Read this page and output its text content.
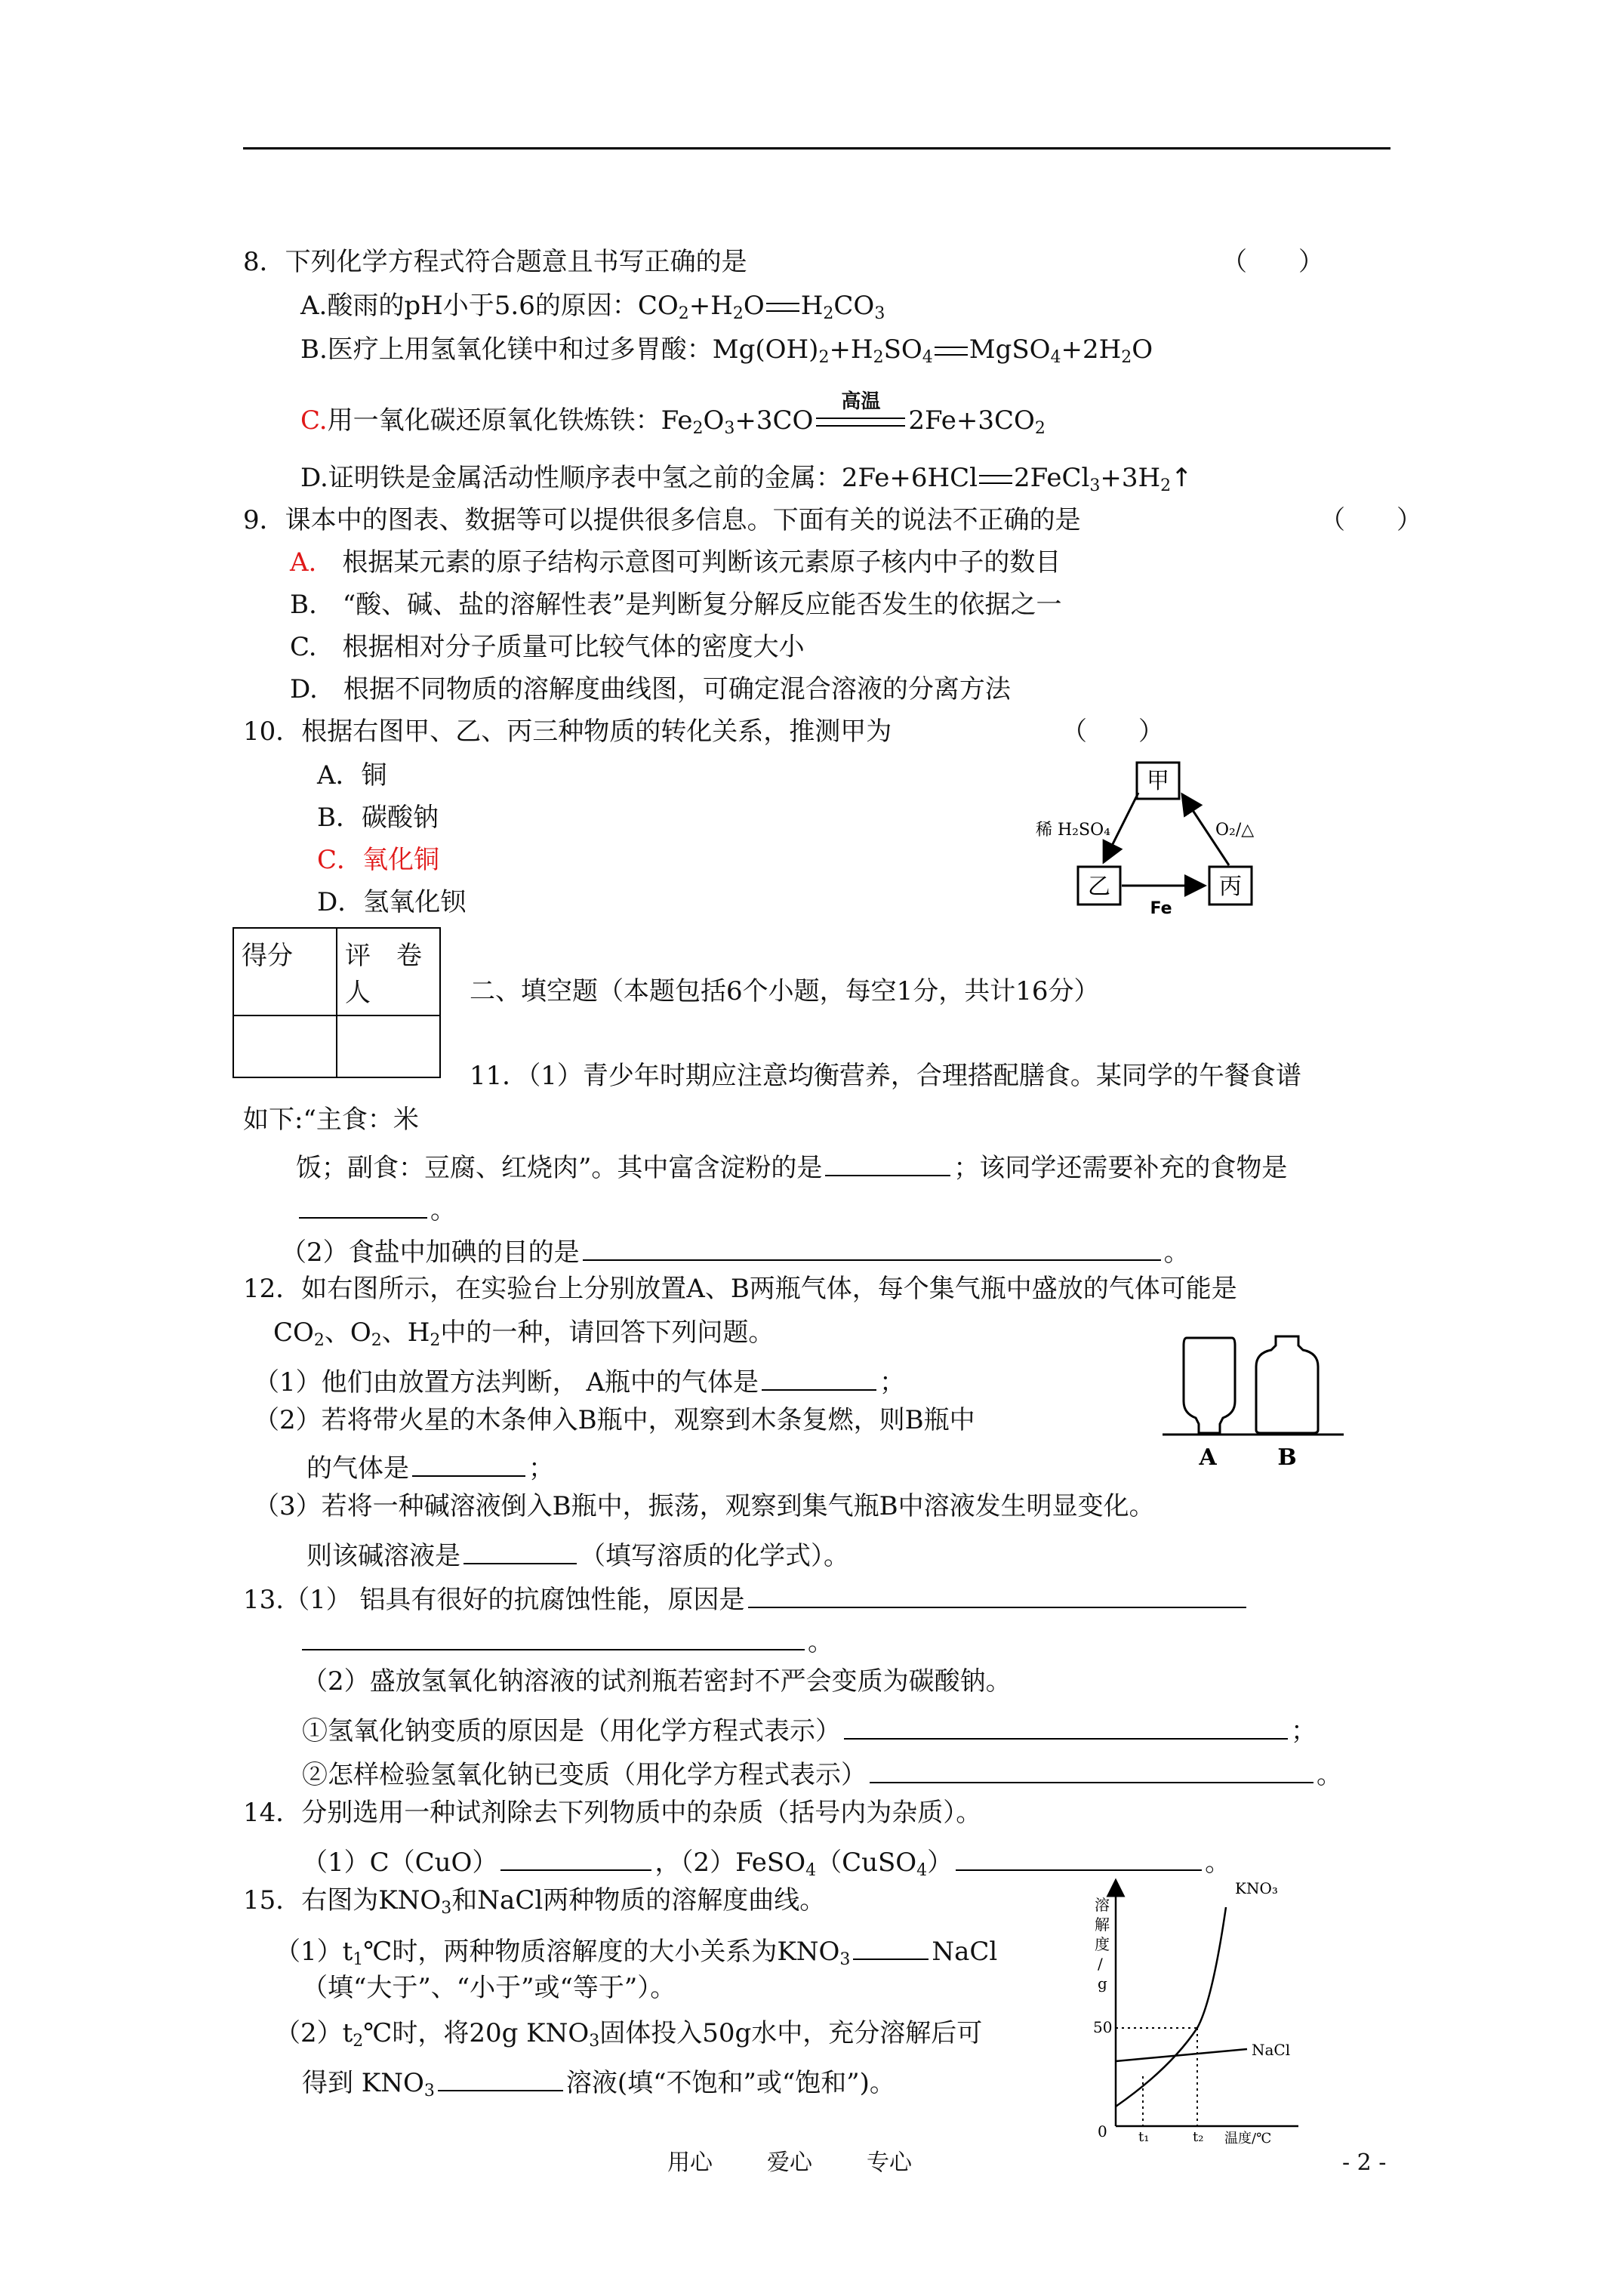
8．下列化学方程式符合题意且书写正确的是	（　　）
A.酸雨的pH小于5.6的原因：$CO_2+H_2O$ $H_2CO_3$
B.医疗上用氢氧化镁中和过多胃酸：$Mg(OH)_2+H_2SO_4$ $MgSO_4+2H_2O$
C.用一氧化碳还原氧化铁炼铁：$Fe_2O_3+3CO$
高温
$2Fe+3CO_2$
D.证明铁是金属活动性顺序表中氢之前的金属：2Fe+6HCl $2FeCl_3+3H_2↑$
9．课本中的图表、数据等可以提供很多信息。下面有关的说法不正确的是	（　　）
A.　 根据某元素的原子结构示意图可判断该元素原子核内中子的数目
B.　“酸、碱、盐的溶解性表”是判断复分解反应能否发生的依据之一
C.　根据相对分子质量可比较气体的密度大小
D.　根据不同物质的溶解度曲线图，可确定混合溶液的分离方法
10．根据右图甲、乙、丙三种物质的转化关系，推测甲为	（　　）
A．铜
B．碳酸钠
C．氧化铜
D．氢氧化钡
甲
乙	丙
稀 H₂SO₄	O₂/△
Fe
得分	评　卷
人
		二、填空题（本题包括6个小题，每空1分，共计16分）
11．（1）青少年时期应注意均衡营养，合理搭配膳食。某同学的午餐食谱
如下:“主食：米
饭；副食：豆腐、红烧肉”。其中富含淀粉的是	；该同学还需要补充的食物是
。
（2）食盐中加碘的目的是	。
12．如右图所示，在实验台上分别放置A、B两瓶气体，每个集气瓶中盛放的气体可能是
$CO_2$、$O_2$、$H_2$中的一种，请回答下列问题。
（1）他们由放置方法判断， A瓶中的气体是	；
（2）若将带火星的木条伸入B瓶中，观察到木条复燃，则B瓶中
的气体是	；
（3）若将一种碱溶液倒入B瓶中，振荡，观察到集气瓶B中溶液发生明显变化。
则该碱溶液是	（填写溶质的化学式）。
A	B
13.（1） 铝具有很好的抗腐蚀性能，原因是
。
（2）盛放氢氧化钠溶液的试剂瓶若密封不严会变质为碳酸钠。
①氢氧化钠变质的原因是（用化学方程式表示）	；
②怎样检验氢氧化钠已变质（用化学方程式表示）	。
14．分别选用一种试剂除去下列物质中的杂质（括号内为杂质）。
（1）C（CuO）	，（2）FeSO$_4$（CuSO$_4$）	。
15．右图为$KNO_3$和NaCl两种物质的溶解度曲线。
$(1)t_1℃$时，两种物质溶解度的大小关系为$KNO_3$	NaCl
（填“大于”、“小于”或“等于”）。
$(2)t_2℃$时，将20g $KNO_3$固体投入50g水中，充分溶解后可
得到 $KNO_3$	溶液(填“不饱和”或“饱和”)。
溶
解
度
/
g
50
0
KNO₃
NaCl
t₁	t₂ 温度/℃
用心 爱心 专心	- 2 -
